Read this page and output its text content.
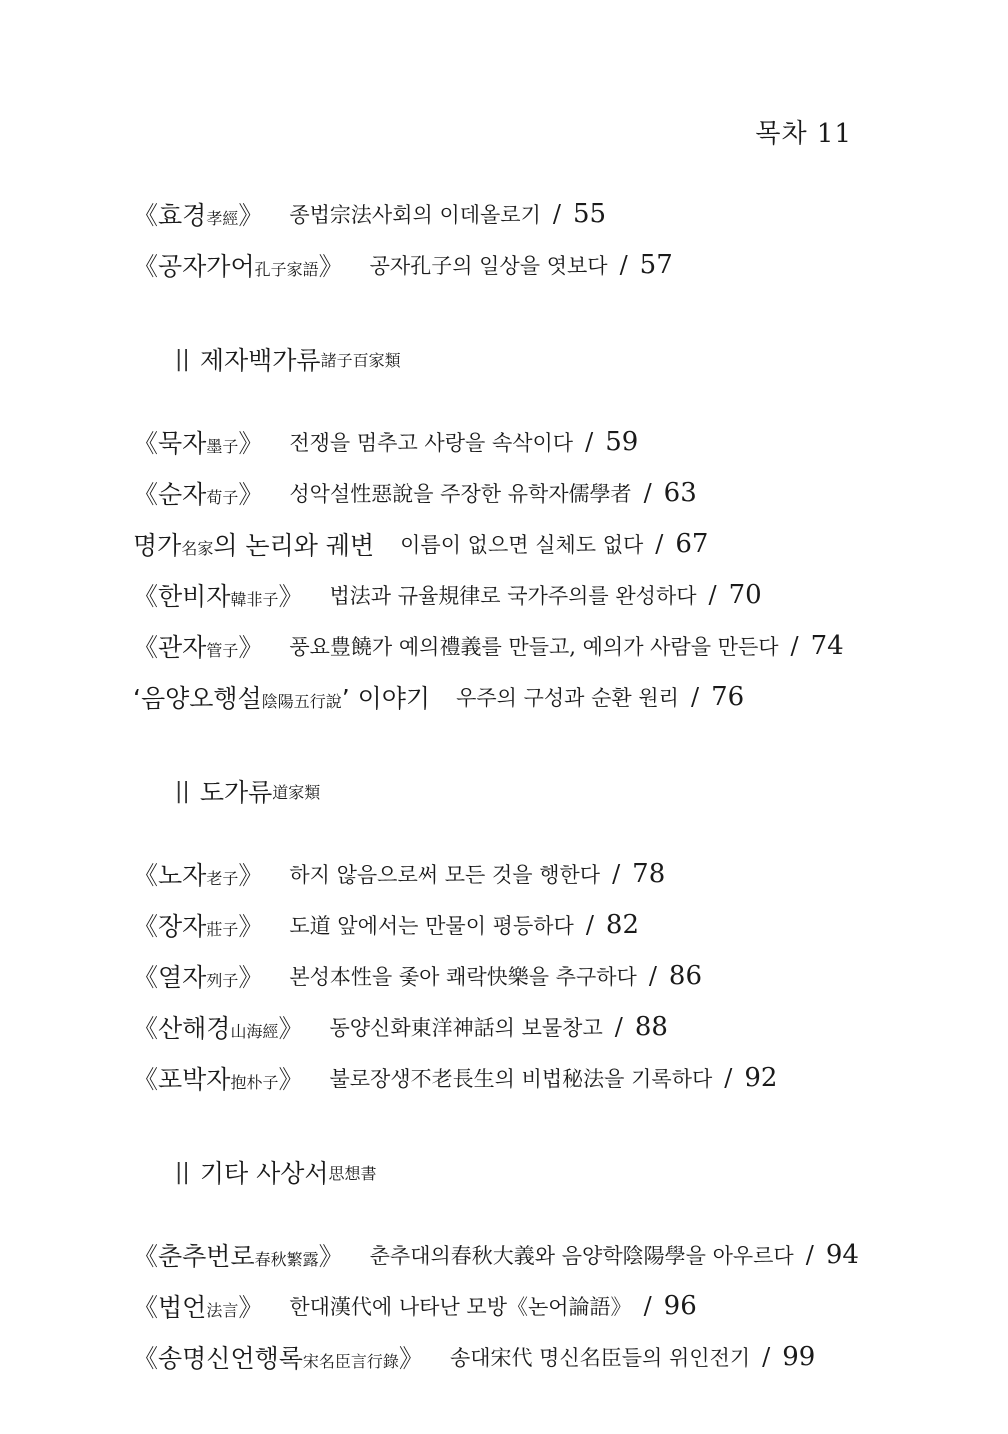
목차 11
《효경孝經》 종법宗法사회의 이데올로기 / 55
《공자가어孔子家語》 공자孔子의 일상을 엿보다 / 57
|| 제자백가류 諸子百家類
《묵자墨子》 전쟁을 멈추고 사랑을 속삭이다 / 59
《순자荀子》 성악설性惡說을 주장한 유학자儒學者 / 63
명가名家의 논리와 궤변 이름이 없으면 실체도 없다 / 67
《한비자韓非子》 법法과 규율規律로 국가주의를 완성하다 / 70
《관자管子》 풍요豊饒가 예의禮義를 만들고, 예의가 사람을 만든다 / 74
‘음양오행설陰陽五行說’ 이야기 우주의 구성과 순환 원리 / 76
|| 도가류 道家類
《노자老子》 하지 않음으로써 모든 것을 행한다 / 78
《장자莊子》 도道 앞에서는 만물이 평등하다 / 82
《열자列子》 본성本性을 좇아 쾌락快樂을 추구하다 / 86
《산해경山海經》 동양신화東洋神話의 보물창고 / 88
《포박자抱朴子》 불로장생不老長生의 비법秘法을 기록하다 / 92
|| 기타 사상서 思想書
《춘추번로春秋繁露》 춘추대의春秋大義와 음양학陰陽學을 아우르다 / 94
《법언法言》 한대漢代에 나타난 모방《논어論語》 / 96
《송명신언행록宋名臣言行錄》 송대宋代 명신名臣들의 위인전기 / 99
